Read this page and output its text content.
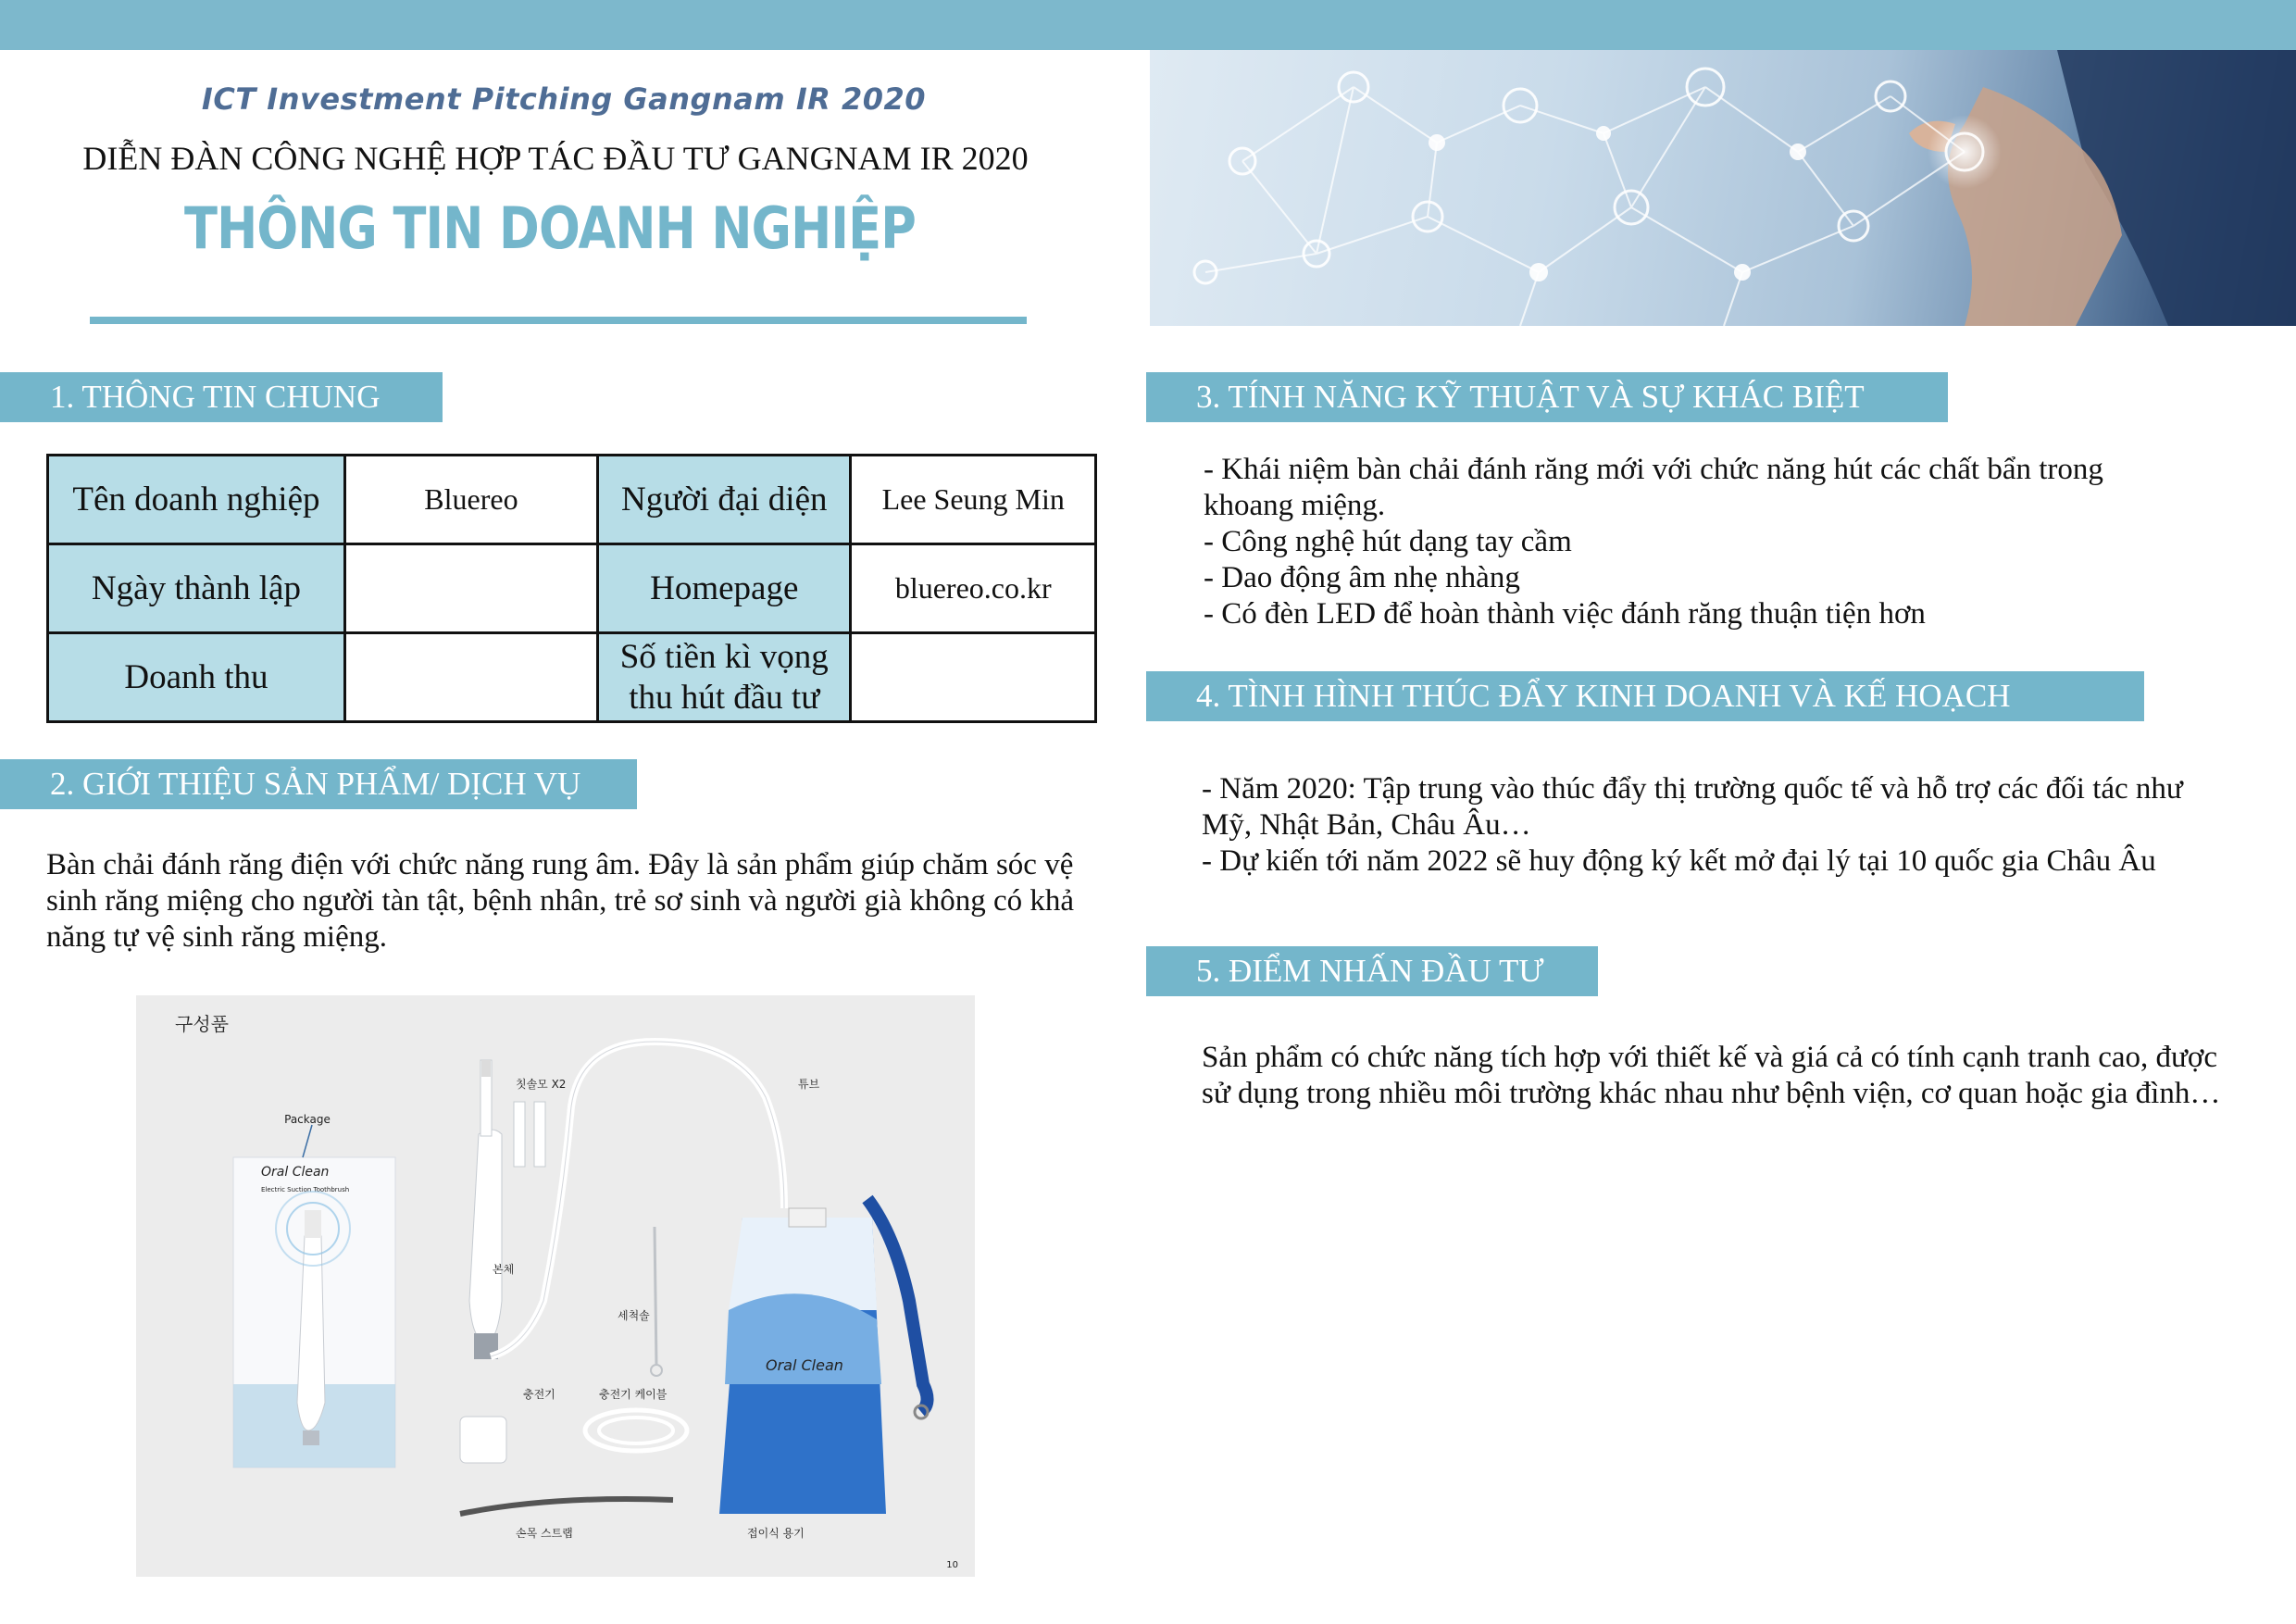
ICT Investment Pitching Gangnam IR 2020
DIỄN ĐÀN CÔNG NGHỆ HỢP TÁC ĐẦU TƯ GANGNAM IR 2020
THÔNG TIN DOANH NGHIỆP
1. THÔNG TIN CHUNG
Tên doanh nghiệp	Bluereo	Người đại diện	Lee Seung Min
Ngày thành lập		Homepage	bluereo.co.kr
Doanh thu		Số tiền kì vọng
thu hút đầu tư	

2. GIỚI THIỆU SẢN PHẨM/ DỊCH VỤ
Bàn chải đánh răng điện với chức năng rung âm. Đây là sản phẩm giúp chăm sóc vệ
sinh răng miệng cho người tàn tật, bệnh nhân, trẻ sơ sinh và người già không có khả
năng tự vệ sinh răng miệng.
구성품
Oral Clean
Electric Suction Toothbrush
Package
칫솔모 X2
본체
튜브
세척솔
Oral Clean
충전기	충전기 케이블
손목 스트랩	접이식 용기
10
3. TÍNH NĂNG KỸ THUẬT VÀ SỰ KHÁC BIỆT
- Khái niệm bàn chải đánh răng mới với chức năng hút các chất bẩn trong
khoang miệng.
- Công nghệ hút dạng tay cầm
- Dao động âm nhẹ nhàng
- Có đèn LED để hoàn thành việc đánh răng thuận tiện hơn
4. TÌNH HÌNH THÚC ĐẨY KINH DOANH VÀ KẾ HOẠCH
- Năm 2020: Tập trung vào thúc đẩy thị trường quốc tế và hỗ trợ các đối tác như
Mỹ, Nhật Bản, Châu Âu…
- Dự kiến tới năm 2022 sẽ huy động ký kết mở đại lý tại 10 quốc gia Châu Âu
5. ĐIỂM NHẤN ĐẦU TƯ
Sản phẩm có chức năng tích hợp với thiết kế và giá cả có tính cạnh tranh cao, được
sử dụng trong nhiều môi trường khác nhau như bệnh viện, cơ quan hoặc gia đình…
